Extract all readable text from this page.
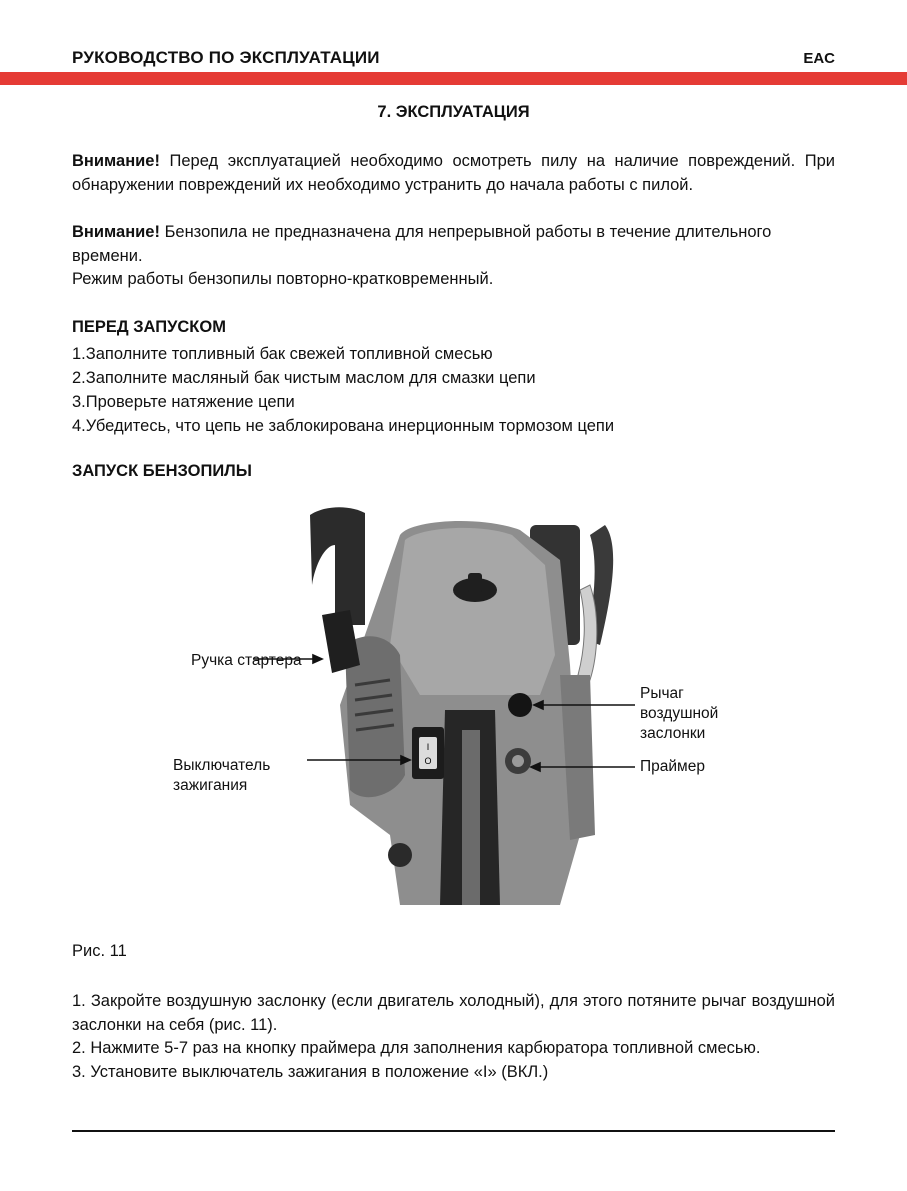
РУКОВОДСТВО ПО ЭКСПЛУАТАЦИИ	EAC
7. ЭКСПЛУАТАЦИЯ
Внимание! Перед эксплуатацией необходимо осмотреть пилу на наличие повреждений. При обнаружении повреждений их необходимо устранить до начала работы с пилой.
Внимание! Бензопила не предназначена для непрерывной работы в течение длительного времени.
Режим работы бензопилы повторно-кратковременный.
ПЕРЕД ЗАПУСКОМ
1.Заполните топливный бак свежей топливной смесью
2.Заполните масляный бак чистым маслом для смазки цепи
3.Проверьте натяжение цепи
4.Убедитесь, что цепь не заблокирована инерционным тормозом цепи
ЗАПУСК БЕНЗОПИЛЫ
I
O
Ручка стартера
Выключатель зажигания
Рычаг воздушной заслонки
Праймер
Рис. 11
1. Закройте воздушную заслонку (если двигатель холодный), для этого потяните рычаг воздушной заслонки на себя (рис. 11).
2. Нажмите 5-7 раз на кнопку праймера для заполнения карбюратора топливной смесью.
3. Установите выключатель зажигания в положение «I» (ВКЛ.)
